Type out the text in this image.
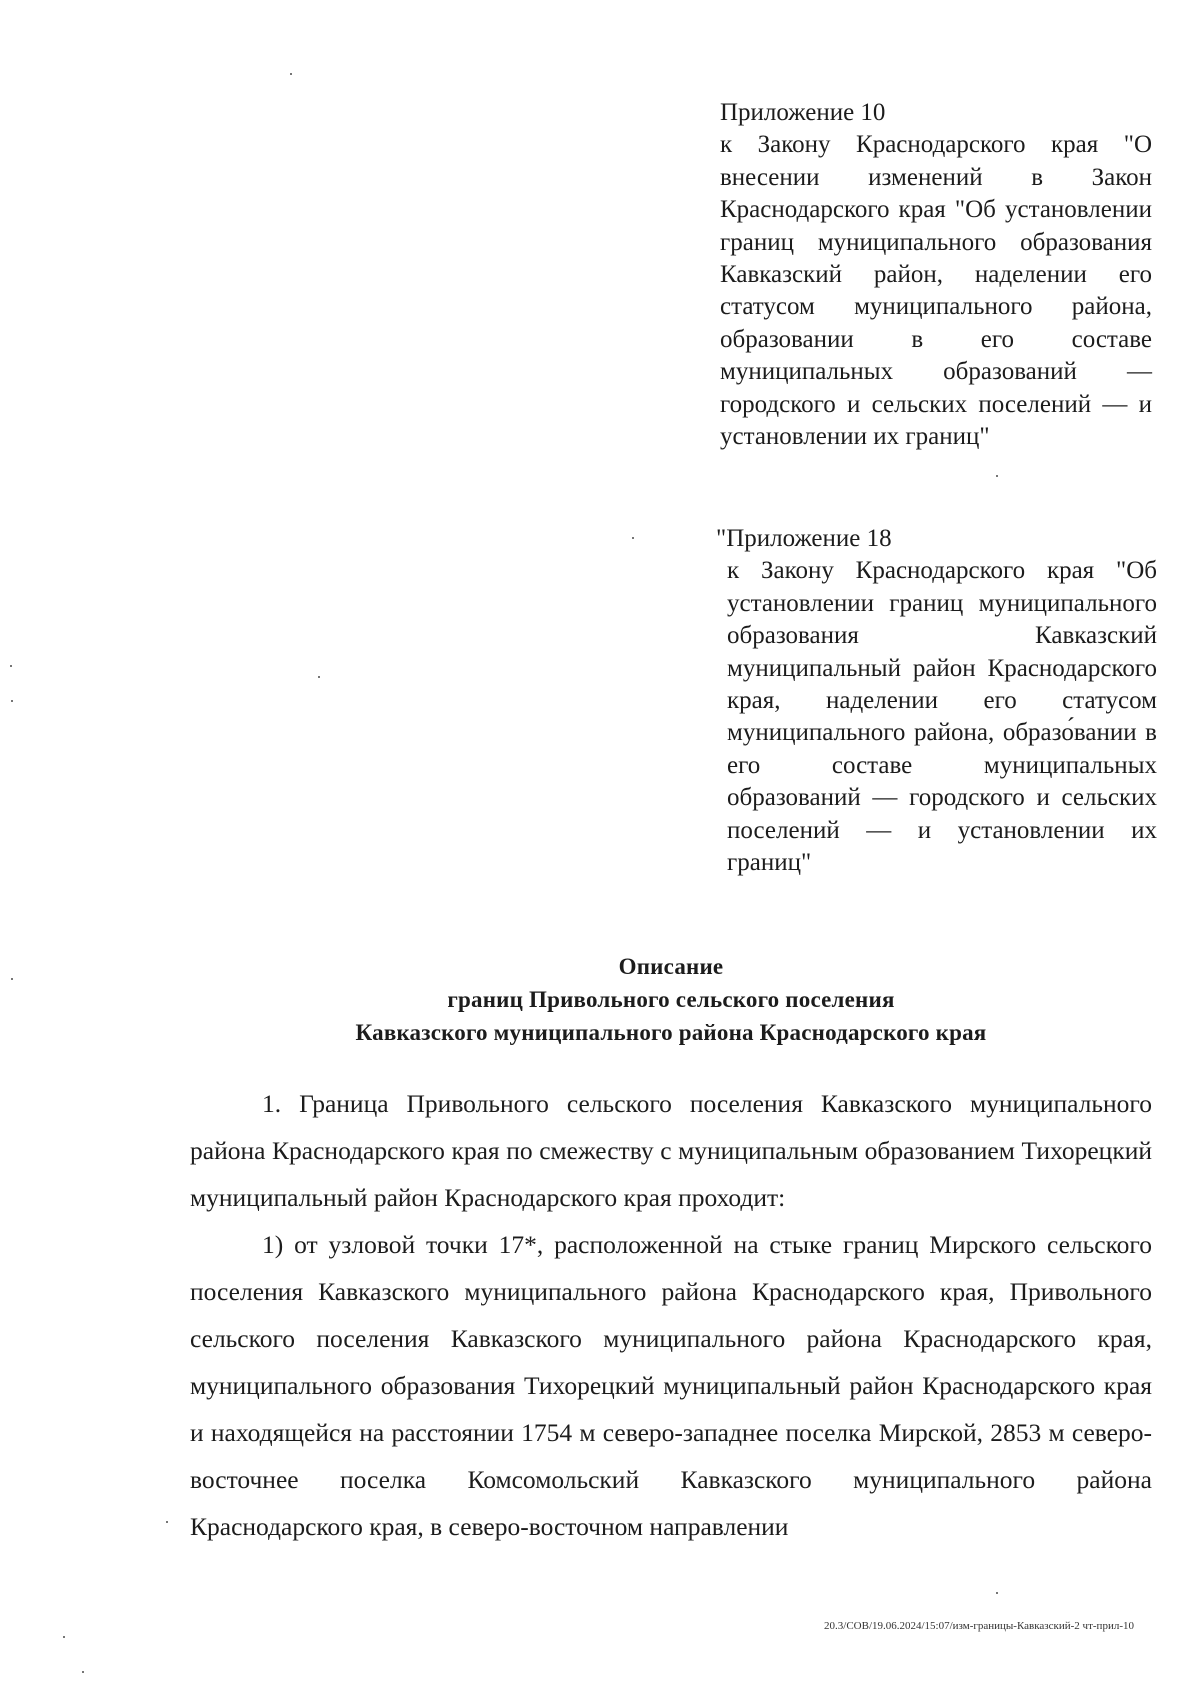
Приложение 10
к Закону Краснодарского края "О внесении изменений в Закон Краснодарского края "Об установлении границ муниципального образования Кавказский район, наделении его статусом муниципального района, образовании в его составе муниципальных образований — городского и сельских поселений — и установлении их границ"
"Приложение 18
к Закону Краснодарского края "Об установлении границ муниципального образования Кавказский муниципальный район Краснодарского края, наделении его статусом муниципального района, образо́вании в его составе муниципальных образований — городского и сельских поселений — и установлении их границ"
Описание
границ Привольного сельского поселения
Кавказского муниципального района Краснодарского края

1. Граница Привольного сельского поселения Кавказского муниципального района Краснодарского края по смежеству с муниципальным образованием Тихорецкий муниципальный район Краснодарского края проходит:

1) от узловой точки 17*, расположенной на стыке границ Мирского сельского поселения Кавказского муниципального района Краснодарского края, Привольного сельского поселения Кавказского муниципального района Краснодарского края, муниципального образования Тихорецкий муниципальный район Краснодарского края и находящейся на расстоянии 1754 м северо-западнее поселка Мирской, 2853 м северо-восточнее поселка Комсомольский Кавказского муниципального района Краснодарского края, в северо-восточном направлении

20.3/СОВ/19.06.2024/15:07/изм-границы-Кавказский-2 чт-прил-10
